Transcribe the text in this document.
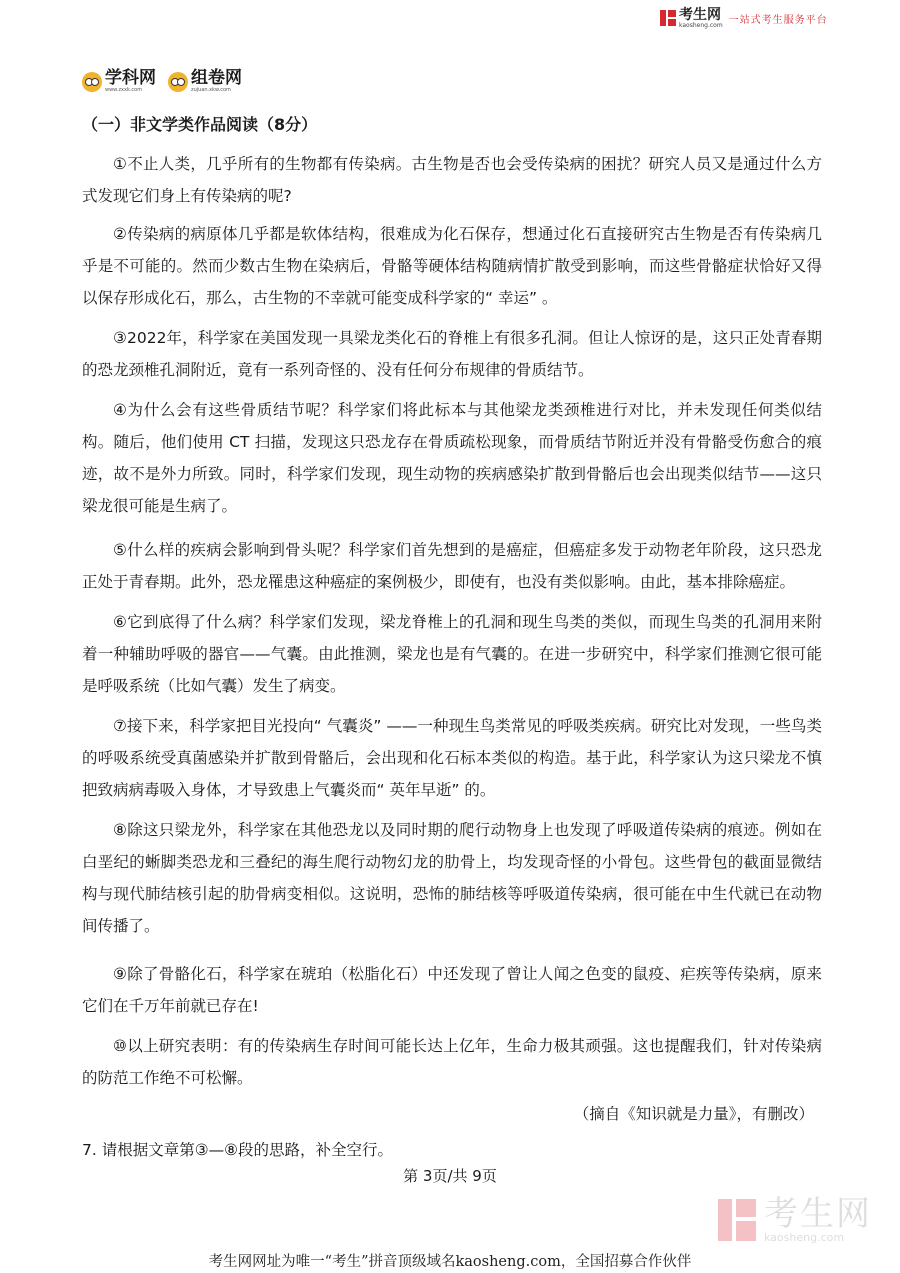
考生网
kaosheng.com 一站式考生服务平台
学科网
www.zxxk.com
组卷网
zujuan.xkw.com
（一）非文学类作品阅读（8分）

①不止人类，几乎所有的生物都有传染病。古生物是否也会受传染病的困扰？研究人员又是通过什么方式发现它们身上有传染病的呢?

②传染病的病原体几乎都是软体结构，很难成为化石保存，想通过化石直接研究古生物是否有传染病几乎是不可能的。然而少数古生物在染病后，骨骼等硬体结构随病情扩散受到影响，而这些骨骼症状恰好又得以保存形成化石，那么，古生物的不幸就可能变成科学家的“ 幸运” 。

③2022年，科学家在美国发现一具梁龙类化石的脊椎上有很多孔洞。但让人惊讶的是，这只正处青春期的恐龙颈椎孔洞附近，竟有一系列奇怪的、没有任何分布规律的骨质结节。

④为什么会有这些骨质结节呢？科学家们将此标本与其他梁龙类颈椎进行对比，并未发现任何类似结构。随后，他们使用 CT 扫描，发现这只恐龙存在骨质疏松现象，而骨质结节附近并没有骨骼受伤愈合的痕迹，故不是外力所致。同时，科学家们发现，现生动物的疾病感染扩散到骨骼后也会出现类似结节——这只梁龙很可能是生病了。

⑤什么样的疾病会影响到骨头呢？科学家们首先想到的是癌症，但癌症多发于动物老年阶段，这只恐龙正处于青春期。此外，恐龙罹患这种癌症的案例极少，即使有，也没有类似影响。由此，基本排除癌症。

⑥它到底得了什么病？科学家们发现，梁龙脊椎上的孔洞和现生鸟类的类似，而现生鸟类的孔洞用来附着一种辅助呼吸的器官——气囊。由此推测，梁龙也是有气囊的。在进一步研究中，科学家们推测它很可能是呼吸系统（比如气囊）发生了病变。

⑦接下来，科学家把目光投向“ 气囊炎” ——一种现生鸟类常见的呼吸类疾病。研究比对发现，一些鸟类的呼吸系统受真菌感染并扩散到骨骼后，会出现和化石标本类似的构造。基于此，科学家认为这只梁龙不慎把致病病毒吸入身体，才导致患上气囊炎而“ 英年早逝” 的。

⑧除这只梁龙外，科学家在其他恐龙以及同时期的爬行动物身上也发现了呼吸道传染病的痕迹。例如在白垩纪的蜥脚类恐龙和三叠纪的海生爬行动物幻龙的肋骨上，均发现奇怪的小骨包。这些骨包的截面显微结构与现代肺结核引起的肋骨病变相似。这说明，恐怖的肺结核等呼吸道传染病，很可能在中生代就已在动物间传播了。

⑨除了骨骼化石，科学家在琥珀（松脂化石）中还发现了曾让人闻之色变的鼠疫、疟疾等传染病，原来它们在千万年前就已存在!

⑩以上研究表明：有的传染病生存时间可能长达上亿年，生命力极其顽强。这也提醒我们，针对传染病的防范工作绝不可松懈。

（摘自《知识就是力量》，有删改）
7. 请根据文章第③—⑧段的思路，补全空行。
第 3页/共 9页
考生网
kaosheng.com
考生网网址为唯一“考生”拼音顶级域名kaosheng.com，全国招募合作伙伴
